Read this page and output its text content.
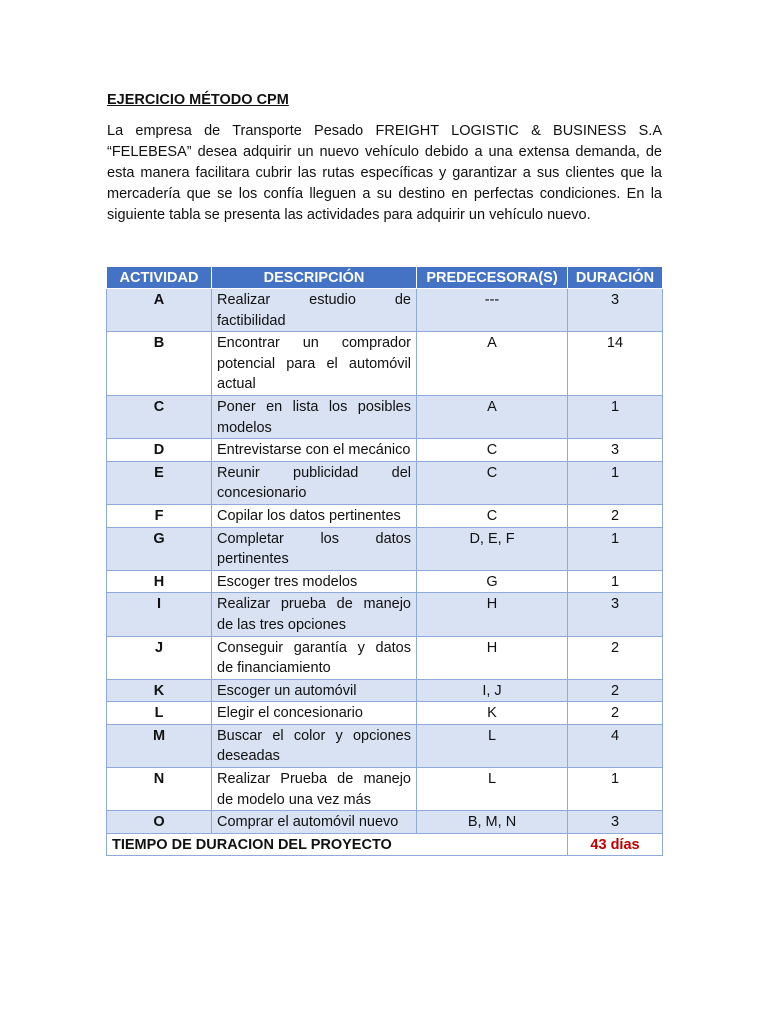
EJERCICIO MÉTODO CPM

La empresa de Transporte Pesado FREIGHT LOGISTIC & BUSINESS S.A “FELEBESA” desea adquirir un nuevo vehículo debido a una extensa demanda, de esta manera facilitara cubrir las rutas específicas y garantizar a sus clientes que la mercadería que se los confía lleguen a su destino en perfectas condiciones. En la siguiente tabla se presenta las actividades para adquirir un vehículo nuevo.

ACTIVIDAD	DESCRIPCIÓN	PREDECESORA(S)	DURACIÓN
A	Realizar estudio de factibilidad	---	3
B	Encontrar un comprador potencial para el automóvil actual	A	14
C	Poner en lista los posibles modelos	A	1
D	Entrevistarse con el mecánico	C	3
E	Reunir publicidad del concesionario	C	1
F	Copilar los datos pertinentes	C	2
G	Completar los datos pertinentes	D, E, F	1
H	Escoger tres modelos	G	1
I	Realizar prueba de manejo de las tres opciones	H	3
J	Conseguir garantía y datos de financiamiento	H	2
K	Escoger un automóvil	I, J	2
L	Elegir el concesionario	K	2
M	Buscar el color y opciones deseadas	L	4
N	Realizar Prueba de manejo de modelo una vez más	L	1
O	Comprar el automóvil nuevo	B, M, N	3
TIEMPO DE DURACION DEL PROYECTO			43 días
